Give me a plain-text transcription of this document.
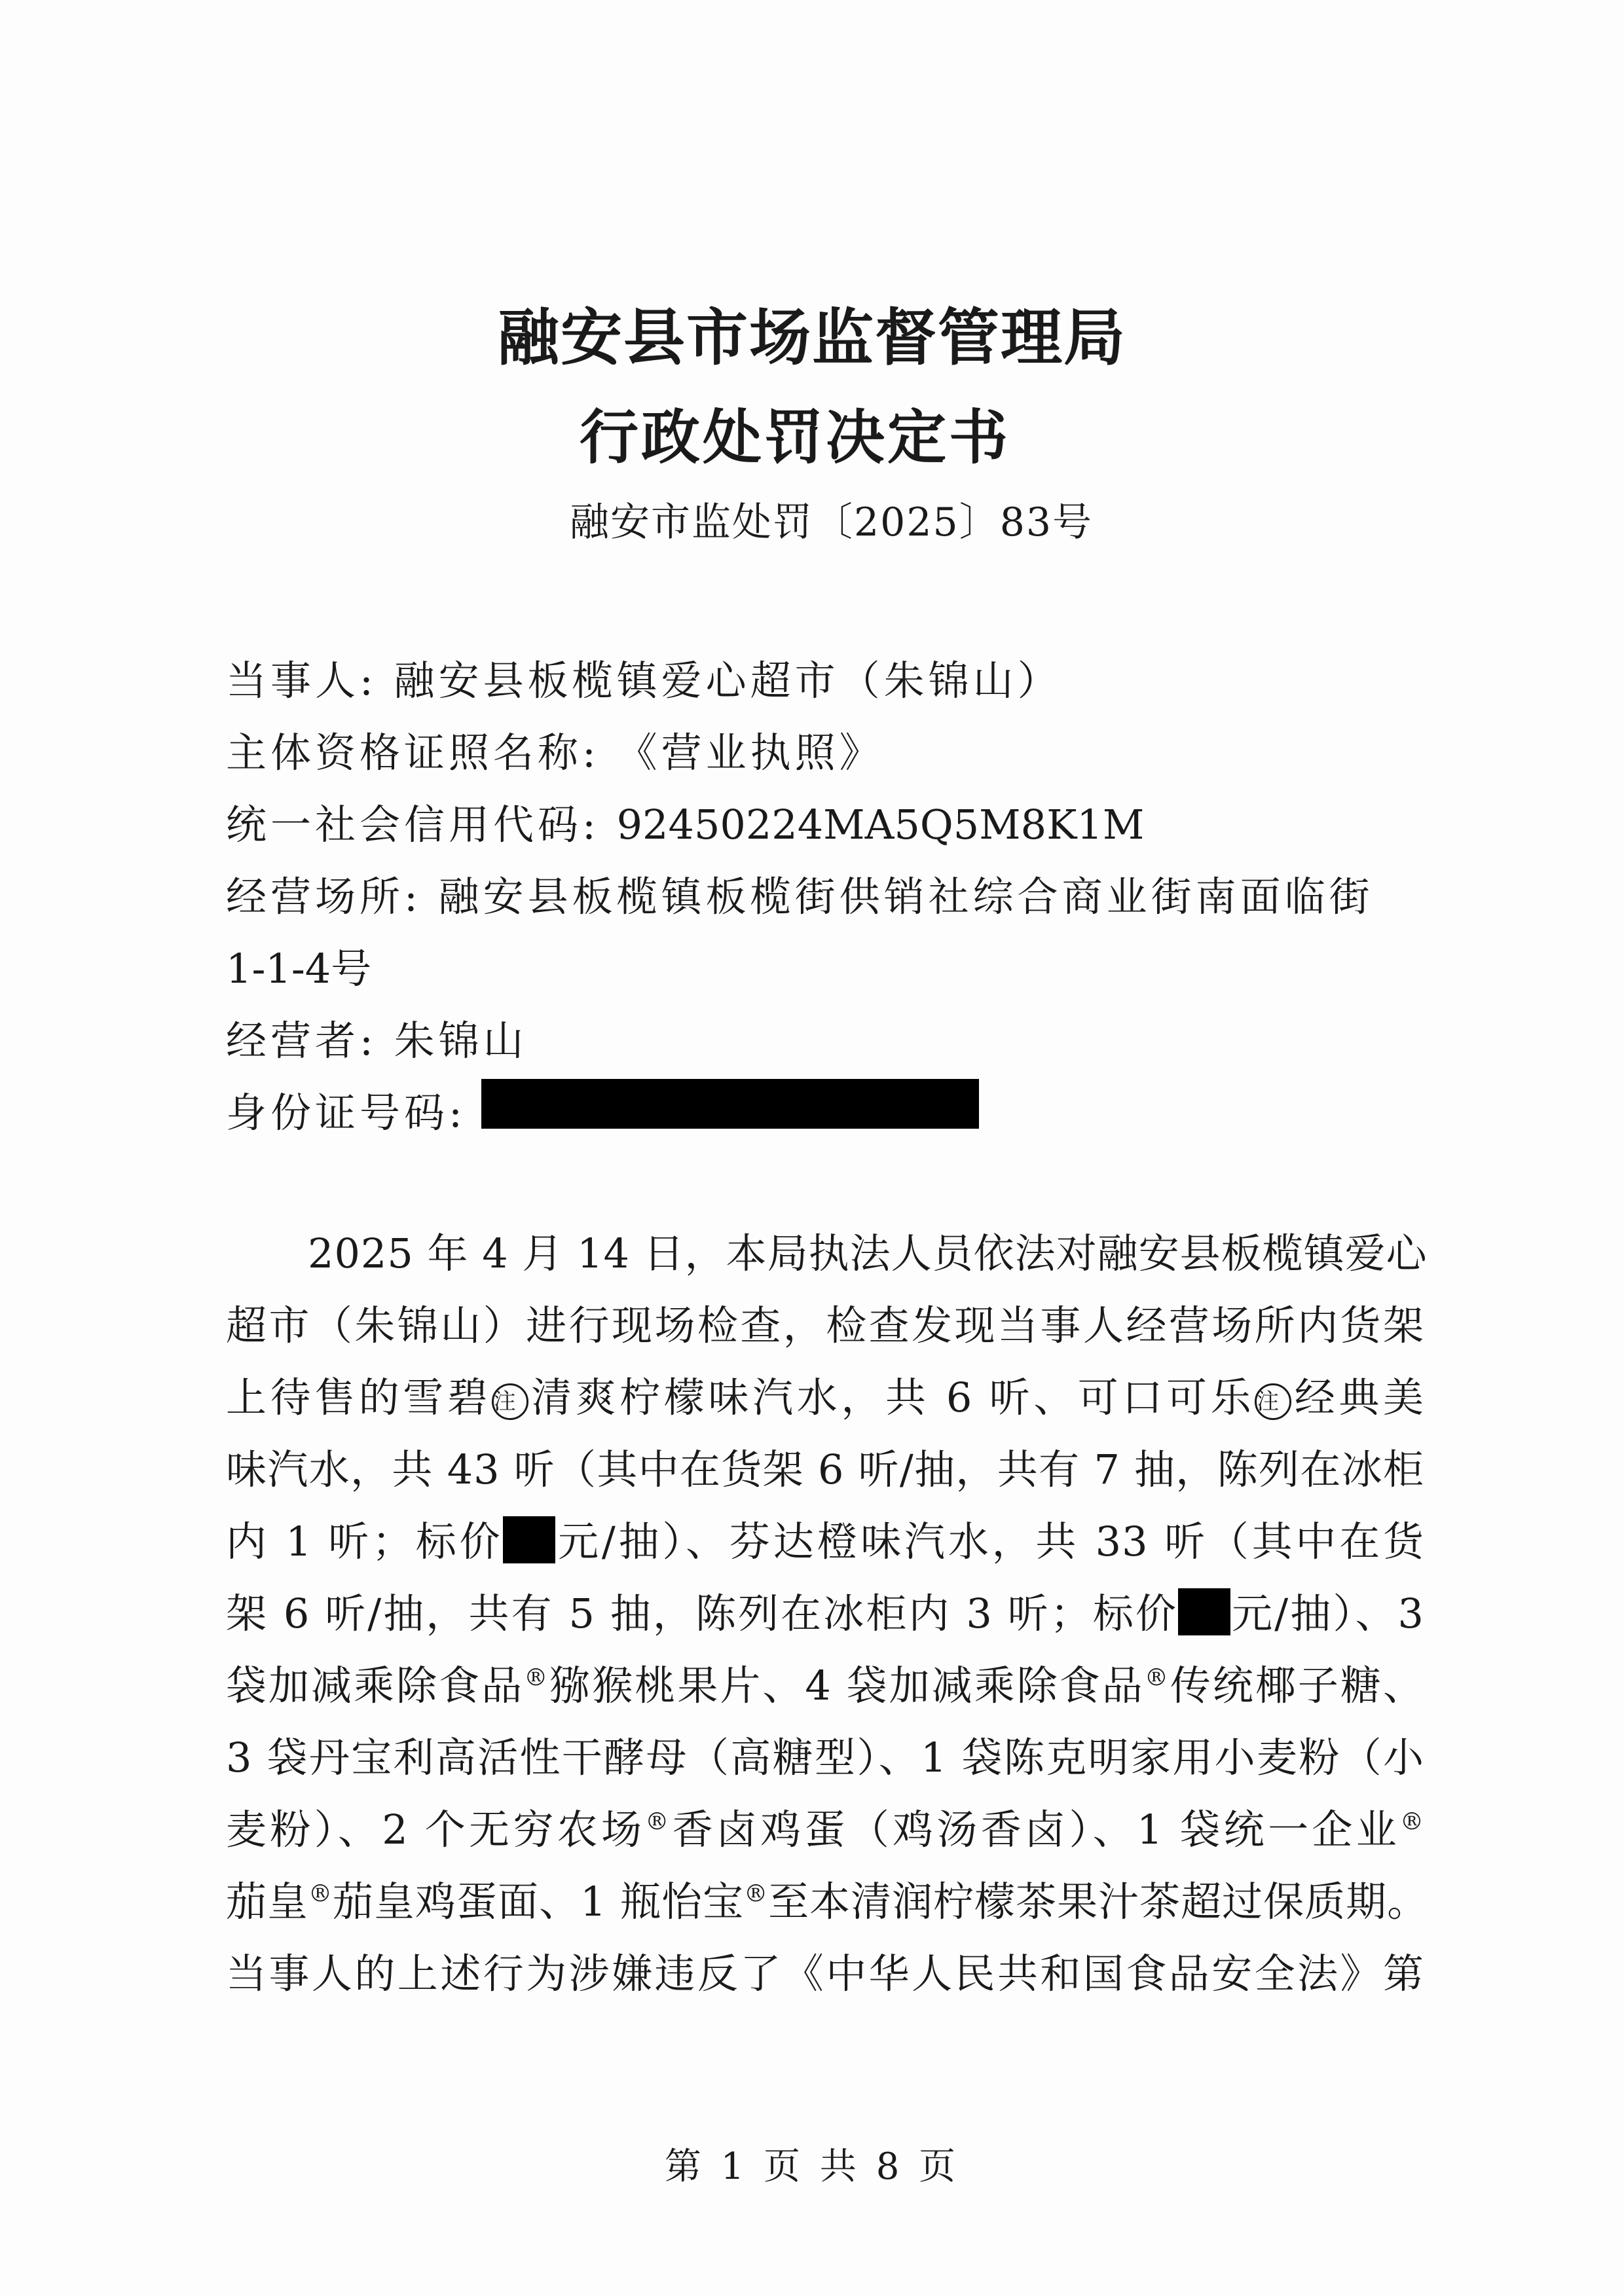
融安县市场监督管理局
行政处罚决定书
融安市监处罚〔2025〕83号
当事人: 融安县板榄镇爱心超市（朱锦山）
主体资格证照名称: 《营业执照》
统一社会信用代码: 92450224MA5Q5M8K1M
经营场所: 融安县板榄镇板榄街供销社综合商业街南面临街
1-1-4号
经营者: 朱锦山
身份证号码:
2025 年 4 月 14 日，本局执法人员依法对融安县板榄镇爱心
超市（朱锦山）进行现场检查，检查发现当事人经营场所内货架
上待售的雪碧注 清爽柠檬味汽水，共 6 听、可口可乐注 经典美
味汽水，共 43 听（其中在货架 6 听/抽，共有 7 抽，陈列在冰柜
内 1 听；标价 元/抽）、芬达橙味汽水，共 33 听（其中在货
架 6 听/抽，共有 5 抽，陈列在冰柜内 3 听；标价 元/抽）、3
袋加减乘除食品®猕猴桃果片、4 袋加减乘除食品®传统椰子糖、
3 袋丹宝利高活性干酵母（高糖型）、1 袋陈克明家用小麦粉（小
麦粉）、2 个无穷农场®香卤鸡蛋（鸡汤香卤）、1 袋统一企业®
茄皇®茄皇鸡蛋面、1 瓶怡宝®至本清润柠檬茶果汁茶超过保质期。
当事人的上述行为涉嫌违反了《中华人民共和国食品安全法》第
第 1 页 共 8 页
